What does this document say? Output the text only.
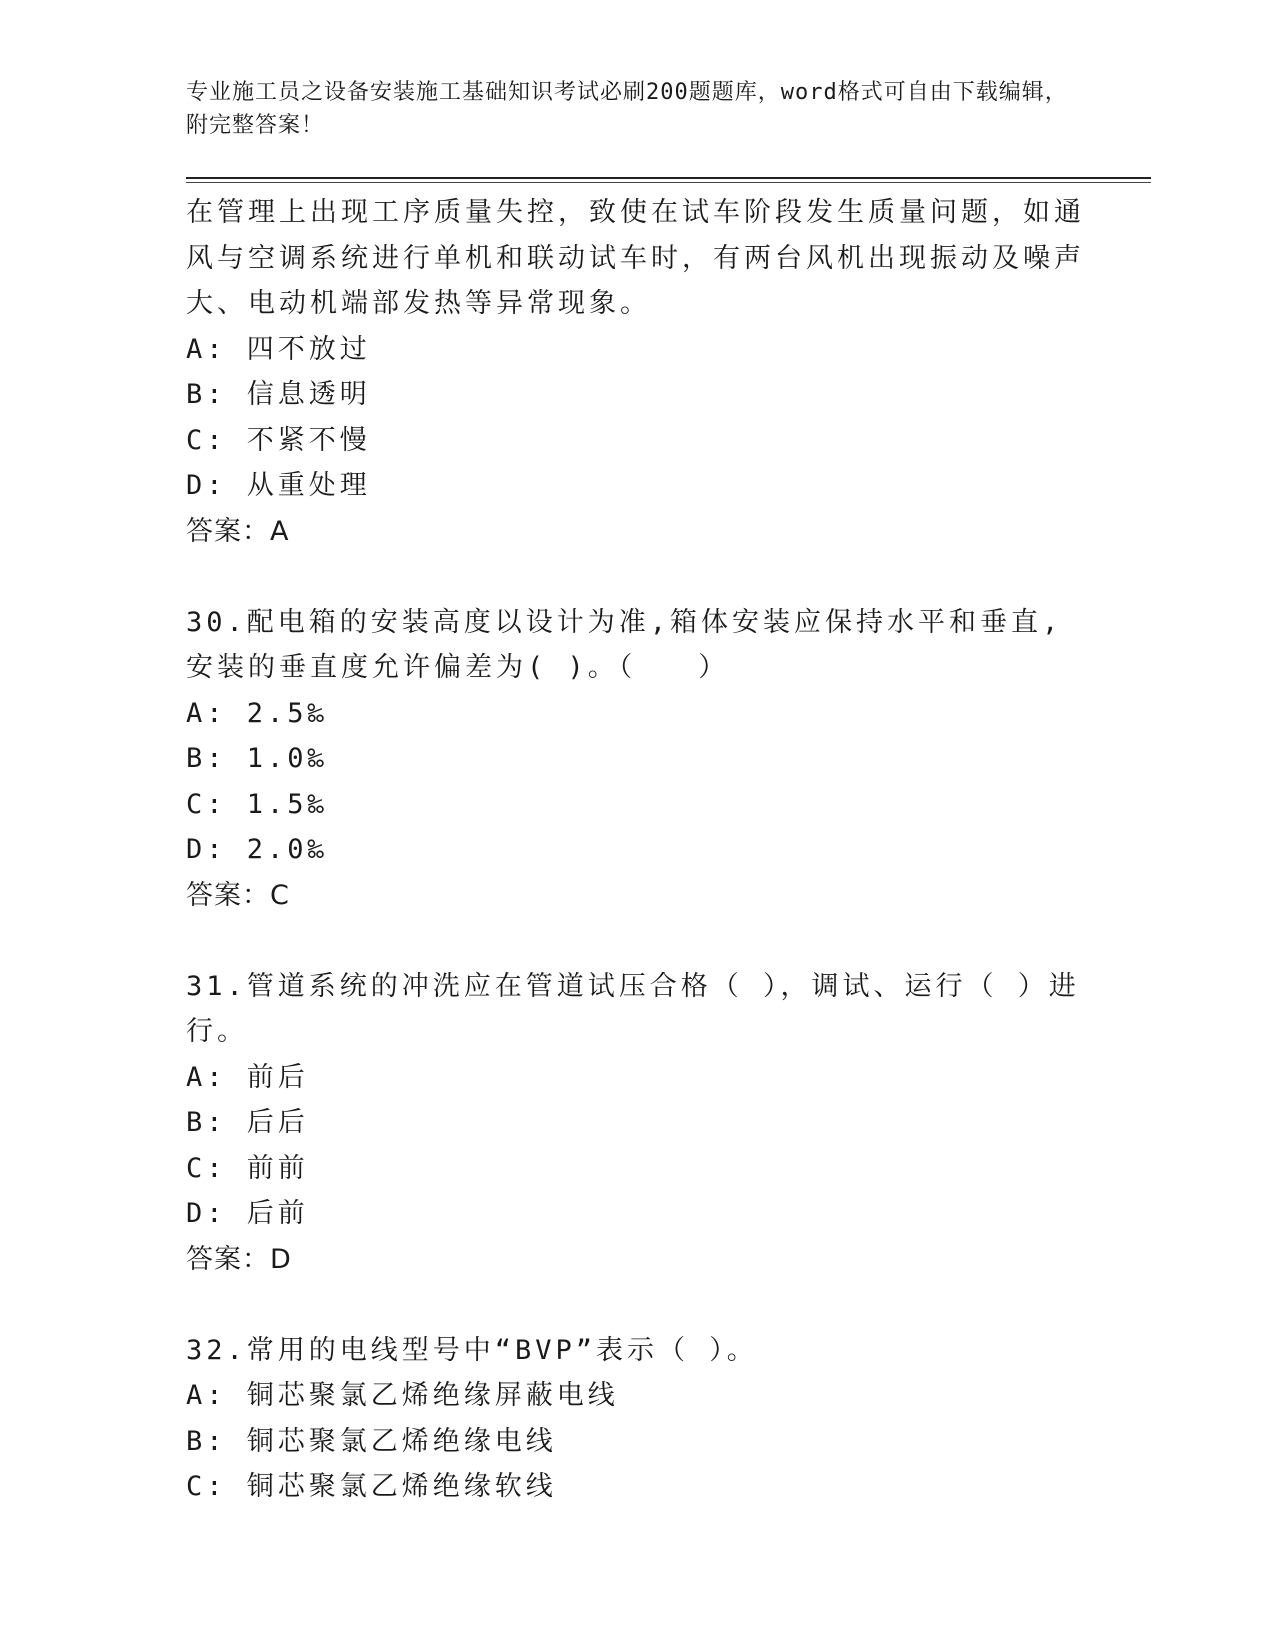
专业施工员之设备安装施工基础知识考试必刷200题题库，word格式可自由下载编辑，附完整答案！
在管理上出现工序质量失控，致使在试车阶段发生质量问题，如通风与空调系统进行单机和联动试车时，有两台风机出现振动及噪声大、电动机端部发热等异常现象。
A: 四不放过
B: 信息透明
C: 不紧不慢
D: 从重处理
答案：A
30.配电箱的安装高度以设计为准,箱体安装应保持水平和垂直,安装的垂直度允许偏差为( )。（　　）
A: 2.5‰
B: 1.0‰
C: 1.5‰
D: 2.0‰
答案：C
31.管道系统的冲洗应在管道试压合格（ ），调试、运行（ ）进行。
A: 前后
B: 后后
C: 前前
D: 后前
答案：D
32.常用的电线型号中“BVP”表示（ ）。
A: 铜芯聚氯乙烯绝缘屏蔽电线
B: 铜芯聚氯乙烯绝缘电线
C: 铜芯聚氯乙烯绝缘软线
